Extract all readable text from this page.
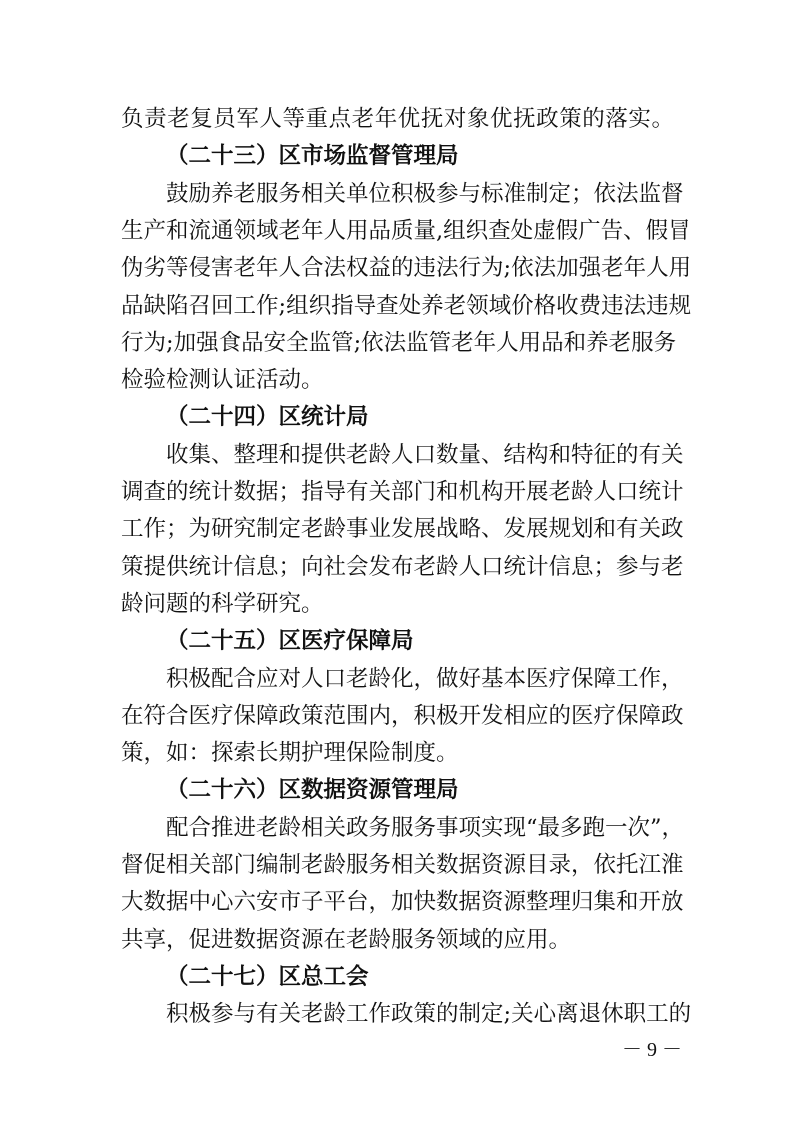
负责老复员军人等重点老年优抚对象优抚政策的落实。
（二十三）区市场监督管理局
鼓励养老服务相关单位积极参与标准制定；依法监督
生产和流通领域老年人用品质量,组织查处虚假广告、假冒
伪劣等侵害老年人合法权益的违法行为;依法加强老年人用
品缺陷召回工作;组织指导查处养老领域价格收费违法违规
行为;加强食品安全监管;依法监管老年人用品和养老服务
检验检测认证活动。
（二十四）区统计局
收集、整理和提供老龄人口数量、结构和特征的有关
调查的统计数据；指导有关部门和机构开展老龄人口统计
工作；为研究制定老龄事业发展战略、发展规划和有关政
策提供统计信息；向社会发布老龄人口统计信息；参与老
龄问题的科学研究。
（二十五）区医疗保障局
积极配合应对人口老龄化，做好基本医疗保障工作，
在符合医疗保障政策范围内，积极开发相应的医疗保障政
策，如：探索长期护理保险制度。
（二十六）区数据资源管理局
配合推进老龄相关政务服务事项实现“最多跑一次”，
督促相关部门编制老龄服务相关数据资源目录，依托江淮
大数据中心六安市子平台，加快数据资源整理归集和开放
共享，促进数据资源在老龄服务领域的应用。
（二十七）区总工会
积极参与有关老龄工作政策的制定;关心离退休职工的
－ 9 －
